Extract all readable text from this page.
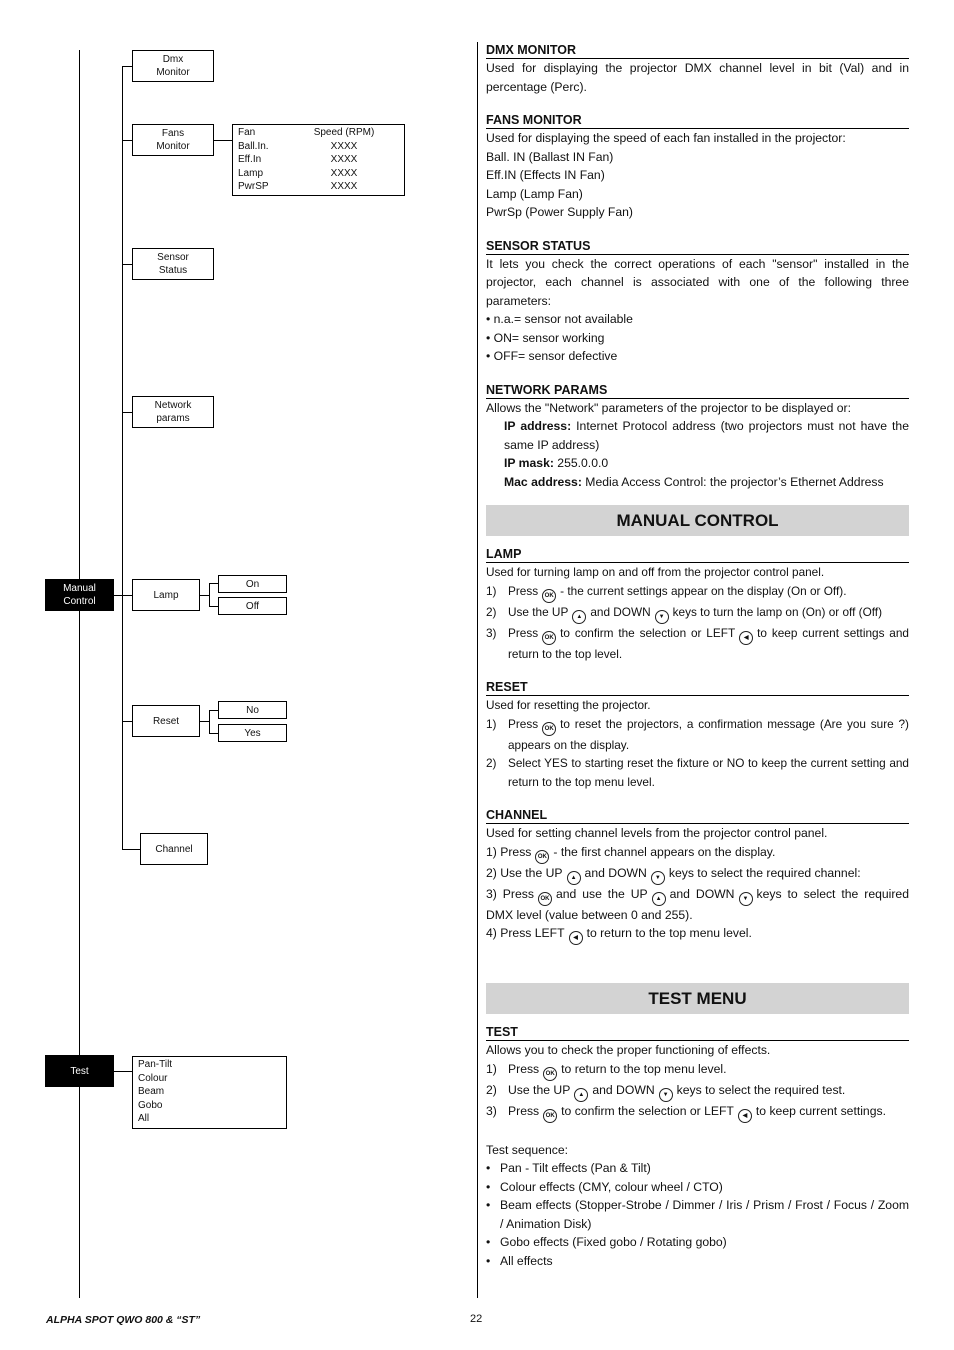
Dmx
Monitor
Fans
Monitor
Fan	Speed (RPM)
Ball.In.	XXXX
Eff.In	XXXX
Lamp	XXXX
PwrSP	XXXX
Sensor
Status
Network
params
Manual
Control
Lamp
On
Off
Reset
No
Yes
Channel
Test
Pan-Tilt
Colour
Beam
Gobo
All
DMX MONITOR
Used for displaying the projector DMX channel level in bit (Val) and in percentage (Perc).
FANS MONITOR
Used for displaying the speed of each fan installed in the projector:
Ball. IN (Ballast IN Fan)
Eff.IN (Effects IN Fan)
Lamp (Lamp Fan)
PwrSp (Power Supply Fan)
SENSOR STATUS
It lets you check the correct operations of each "sensor" installed in the projector, each channel is associated with one of the following three parameters:
• n.a.= sensor not available
• ON= sensor working
• OFF= sensor defective
NETWORK PARAMS
Allows the "Network" parameters of the projector to be displayed or:
IP address: Internet Protocol address (two projectors must not have the same IP address)
IP mask: 255.0.0.0
Mac address: Media Access Control: the projector’s Ethernet Address
MANUAL CONTROL
LAMP
Used for turning lamp on and off from the projector control panel.
1) Press OK - the current settings appear on the display (On or Off).
2) Use the UP ▲ and DOWN ▼ keys to turn the lamp on (On) or off (Off)
3) Press OK to confirm the selection or LEFT ◀ to keep current settings and return to the top level.
RESET
Used for resetting the projector.
1) Press OK to reset the projectors, a confirmation message (Are you sure ?) appears on the display.
2) Select YES to starting reset the fixture or NO to keep the current setting and return to the top menu level.
CHANNEL
Used for setting channel levels from the projector control panel.
1) Press OK - the first channel appears on the display.
2) Use the UP ▲ and DOWN ▼ keys to select the required channel:
3) Press OK and use the UP ▲ and DOWN ▼ keys to select the required DMX level (value between 0 and 255).
4) Press LEFT ◀ to return to the top menu level.
TEST MENU
TEST
Allows you to check the proper functioning of effects.
1) Press OK to return to the top menu level.
2) Use the UP ▲ and DOWN ▼ keys to select the required test.
3) Press OK to confirm the selection or LEFT ◀ to keep current settings.
Test sequence:
• Pan - Tilt effects (Pan & Tilt)
• Colour effects (CMY, colour wheel / CTO)
• Beam effects (Stopper-Strobe / Dimmer / Iris / Prism / Frost / Focus / Zoom / Animation Disk)
• Gobo effects (Fixed gobo / Rotating gobo)
• All effects
ALPHA SPOT QWO 800 & “ST”	22
